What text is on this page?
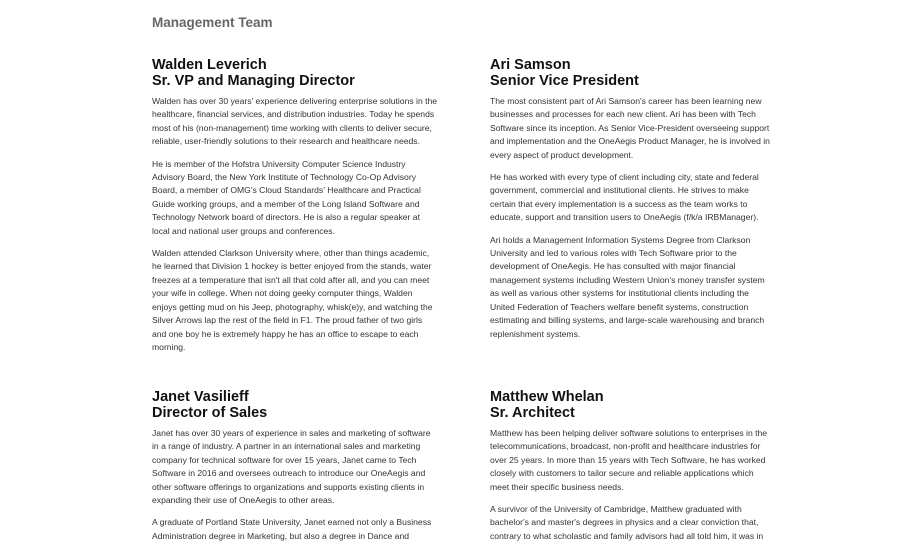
Management Team
Walden Leverich
Sr. VP and Managing Director

Walden has over 30 years' experience delivering enterprise solutions in the healthcare, financial services, and distribution industries. Today he spends most of his (non-management) time working with clients to deliver secure, reliable, user-friendly solutions to their research and healthcare needs.

He is member of the Hofstra University Computer Science Industry Advisory Board, the New York Institute of Technology Co-Op Advisory Board, a member of OMG's Cloud Standards' Healthcare and Practical Guide working groups, and a member of the Long Island Software and Technology Network board of directors. He is also a regular speaker at local and national user groups and conferences.

Walden attended Clarkson University where, other than things academic, he learned that Division 1 hockey is better enjoyed from the stands, water freezes at a temperature that isn't all that cold after all, and you can meet your wife in college. When not doing geeky computer things, Walden enjoys getting mud on his Jeep, photography, whisk(e)y, and watching the Silver Arrows lap the rest of the field in F1. The proud father of two girls and one boy he is extremely happy he has an office to escape to each morning.

Ari Samson
Senior Vice President

The most consistent part of Ari Samson's career has been learning new businesses and processes for each new client. Ari has been with Tech Software since its inception. As Senior Vice-President overseeing support and implementation and the OneAegis Product Manager, he is involved in every aspect of product development.

He has worked with every type of client including city, state and federal government, commercial and institutional clients. He strives to make certain that every implementation is a success as the team works to educate, support and transition users to OneAegis (f/k/a IRBManager).

Ari holds a Management Information Systems Degree from Clarkson University and led to various roles with Tech Software prior to the development of OneAegis. He has consulted with major financial management systems including Western Union's money transfer system as well as various other systems for institutional clients including the United Federation of Teachers welfare benefit systems, construction estimating and billing systems, and large-scale warehousing and branch replenishment systems.

Janet Vasilieff
Director of Sales

Janet has over 30 years of experience in sales and marketing of software in a range of industry. A partner in an international sales and marketing company for technical software for over 15 years, Janet came to Tech Software in 2016 and oversees outreach to introduce our OneAegis and other software offerings to organizations and supports existing clients in expanding their use of OneAegis to other areas.

A graduate of Portland State University, Janet earned not only a Business Administration degree in Marketing, but also a degree in Dance and

Matthew Whelan
Sr. Architect

Matthew has been helping deliver software solutions to enterprises in the telecommunications, broadcast, non-profit and healthcare industries for over 25 years. In more than 15 years with Tech Software, he has worked closely with customers to tailor secure and reliable applications which meet their specific business needs.

A survivor of the University of Cambridge, Matthew graduated with bachelor's and master's degrees in physics and a clear conviction that, contrary to what scholastic and family advisors had all told him, it was in
